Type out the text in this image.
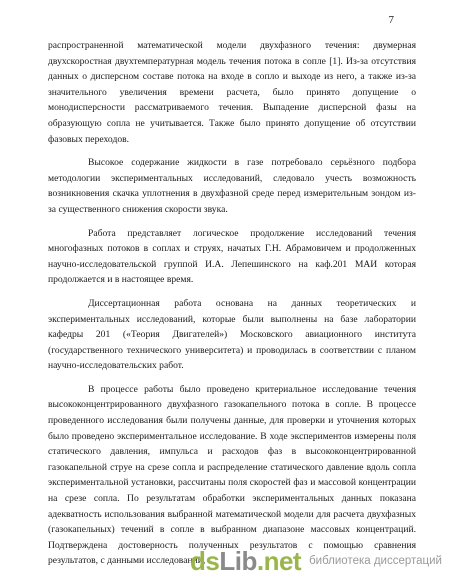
7

распространенной математической модели двухфазного течения: двумерная двухскоростная двухтемпературная модель течения потока в сопле [1]. Из-за отсутствия данных о дисперсном составе потока на входе в сопло и выходе из него, а также из-за значительного увеличения времени расчета, было принято допущение о монодисперсности рассматриваемого течения. Выпадение дисперсной фазы на образующую сопла не учитывается. Также было принято допущение об отсутствии фазовых переходов.

Высокое содержание жидкости в газе потребовало серьёзного подбора методологии экспериментальных исследований, следовало учесть возможность возникновения скачка уплотнения в двухфазной среде перед измерительным зондом из-за существенного снижения скорости звука.

Работа представляет логическое продолжение исследований течения многофазных потоков в соплах и струях, начатых Г.Н. Абрамовичем и продолженных научно-исследовательской группой И.А. Лепешинского на каф.201 МАИ которая продолжается и в настоящее время.

Диссертационная работа основана на данных теоретических и экспериментальных исследований, которые были выполнены на базе лаборатории кафедры 201 («Теория Двигателей») Московского авиационного института (государственного технического университета) и проводилась в соответствии с планом научно-исследовательских работ.

В процессе работы было проведено критериальное исследование течения высококонцентрированного двухфазного газокапельного потока в сопле. В процессе проведенного исследования были получены данные, для проверки и уточнения которых было проведено экспериментальное исследование. В ходе экспериментов измерены поля статического давления, импульса и расходов фаз в высококонцентрированной газокапельной струе на срезе сопла и распределение статического давление вдоль сопла экспериментальной установки, рассчитаны поля скоростей фаз и массовой концентрации на срезе сопла. По результатам обработки экспериментальных данных показана адекватность использования выбранной математической модели для расчета двухфазных (газокапельных) течений в сопле в выбранном диапазоне массовых концентраций. Подтверждена достоверность полученных результатов с помощью сравнения результатов, с данными исследований,

dsLib.net библиотека диссертаций
